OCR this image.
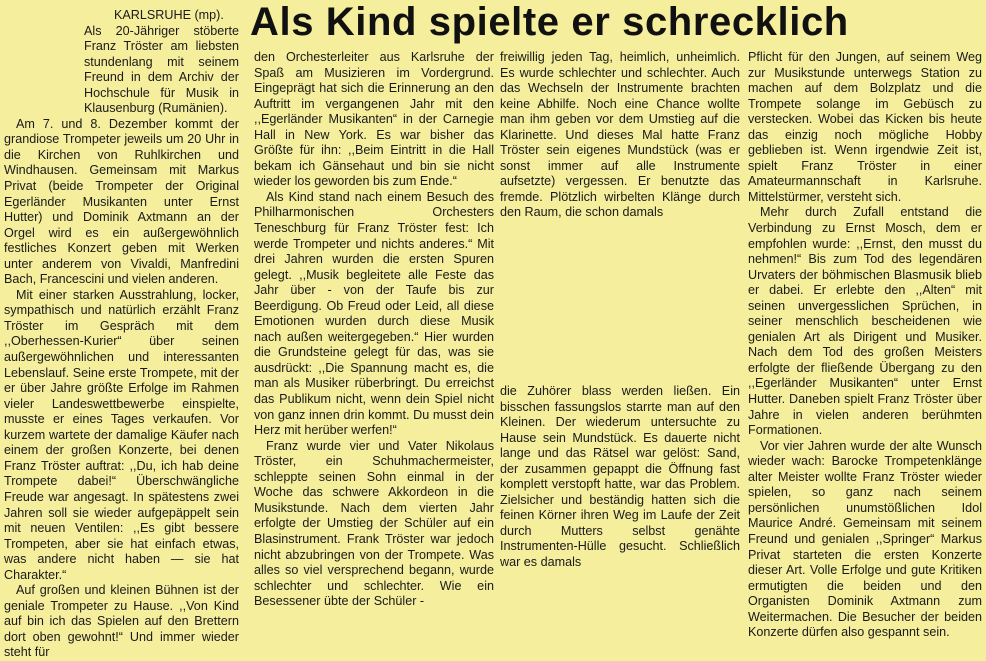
Als Kind spielte er schrecklich

KARLSRUHE (mp).

Als 20-Jähriger stöberte Franz Tröster am liebsten stundenlang mit seinem Freund in dem Archiv der Hochschule für Musik in Klausenburg (Rumänien).

Am 7. und 8. Dezember kommt der grandiose Trompeter jeweils um 20 Uhr in die Kirchen von Ruhlkirchen und Windhausen. Gemeinsam mit Markus Privat (beide Trompeter der Original Egerländer Musikanten unter Ernst Hutter) und Dominik Axtmann an der Orgel wird es ein außergewöhnlich festliches Konzert geben mit Werken unter anderem von Vivaldi, Manfredini Bach, Francescini und vielen anderen.

Mit einer starken Ausstrahlung, locker, sympathisch und natürlich erzählt Franz Tröster im Gespräch mit dem ,,Oberhessen-Kurier“ über seinen außergewöhnlichen und interessanten Lebenslauf. Seine erste Trompete, mit der er über Jahre größte Erfolge im Rahmen vieler Landeswettbewerbe einspielte, musste er eines Tages verkaufen. Vor kurzem wartete der damalige Käufer nach einem der großen Konzerte, bei denen Franz Tröster auftrat: ,,Du, ich hab deine Trompete dabei!“ Überschwängliche Freude war angesagt. In spätestens zwei Jahren soll sie wieder aufgepäppelt sein mit neuen Ventilen: ,,Es gibt bessere Trompeten, aber sie hat einfach etwas, was andere nicht haben — sie hat Charakter.“

Auf großen und kleinen Bühnen ist der geniale Trompeter zu Hause. ,,Von Kind auf bin ich das Spielen auf den Brettern dort oben gewohnt!“ Und immer wieder steht für

den Orchesterleiter aus Karlsruhe der Spaß am Musizieren im Vordergrund. Eingeprägt hat sich die Erinnerung an den Auftritt im vergangenen Jahr mit den ,,Egerländer Musikanten“ in der Carnegie Hall in New York. Es war bisher das Größte für ihn: ,,Beim Eintritt in die Hall bekam ich Gänsehaut und bin sie nicht wieder los geworden bis zum Ende.“

Als Kind stand nach einem Besuch des Philharmonischen Orchesters Teneschburg für Franz Tröster fest: Ich werde Trompeter und nichts anderes.“ Mit drei Jahren wurden die ersten Spuren gelegt. ,,Musik begleitete alle Feste das Jahr über - von der Taufe bis zur Beerdigung. Ob Freud oder Leid, all diese Emotionen wurden durch diese Musik nach außen weitergegeben.“ Hier wurden die Grundsteine gelegt für das, was sie ausdrückt: ,,Die Spannung macht es, die man als Musiker rüberbringt. Du erreichst das Publikum nicht, wenn dein Spiel nicht von ganz innen drin kommt. Du musst dein Herz mit herüber werfen!“

Franz wurde vier und Vater Nikolaus Tröster, ein Schuhmachermeister, schleppte seinen Sohn einmal in der Woche das schwere Akkordeon in die Musikstunde. Nach dem vierten Jahr erfolgte der Umstieg der Schüler auf ein Blasinstrument. Frank Tröster war jedoch nicht abzubringen von der Trompete. Was alles so viel versprechend begann, wurde schlechter und schlechter. Wie ein Besessener übte der Schüler -

freiwillig jeden Tag, heimlich, unheimlich. Es wurde schlechter und schlechter. Auch das Wechseln der Instrumente brachten keine Abhilfe. Noch eine Chance wollte man ihm geben vor dem Umstieg auf die Klarinette. Und dieses Mal hatte Franz Tröster sein eigenes Mundstück (was er sonst immer auf alle Instrumente aufsetzte) vergessen. Er benutzte das fremde. Plötzlich wirbelten Klänge durch den Raum, die schon damals

die Zuhörer blass werden ließen. Ein bisschen fassungslos starrte man auf den Kleinen. Der wiederum untersuchte zu Hause sein Mundstück. Es dauerte nicht lange und das Rätsel war gelöst: Sand, der zusammen gepappt die Öffnung fast komplett verstopft hatte, war das Problem. Zielsicher und beständig hatten sich die feinen Körner ihren Weg im Laufe der Zeit durch Mutters selbst genähte Instrumenten-Hülle gesucht. Schließlich war es damals

Pflicht für den Jungen, auf seinem Weg zur Musikstunde unterwegs Station zu machen auf dem Bolzplatz und die Trompete solange im Gebüsch zu verstecken. Wobei das Kicken bis heute das einzig noch mögliche Hobby geblieben ist. Wenn irgendwie Zeit ist, spielt Franz Tröster in einer Amateurmannschaft in Karlsruhe. Mittelstürmer, versteht sich.

Mehr durch Zufall entstand die Verbindung zu Ernst Mosch, dem er empfohlen wurde: ,,Ernst, den musst du nehmen!“ Bis zum Tod des legendären Urvaters der böhmischen Blasmusik blieb er dabei. Er erlebte den ,,Alten“ mit seinen unvergesslichen Sprüchen, in seiner menschlich bescheidenen wie genialen Art als Dirigent und Musiker. Nach dem Tod des großen Meisters erfolgte der fließende Übergang zu den ,,Egerländer Musikanten“ unter Ernst Hutter. Daneben spielt Franz Tröster über Jahre in vielen anderen berühmten Formationen.

Vor vier Jahren wurde der alte Wunsch wieder wach: Barocke Trompetenklänge alter Meister wollte Franz Tröster wieder spielen, so ganz nach seinem persönlichen unumstößlichen Idol Maurice André. Gemeinsam mit seinem Freund und genialen ,,Springer“ Markus Privat starteten die ersten Konzerte dieser Art. Volle Erfolge und gute Kritiken ermutigten die beiden und den Organisten Dominik Axtmann zum Weitermachen. Die Besucher der beiden Konzerte dürfen also gespannt sein.
